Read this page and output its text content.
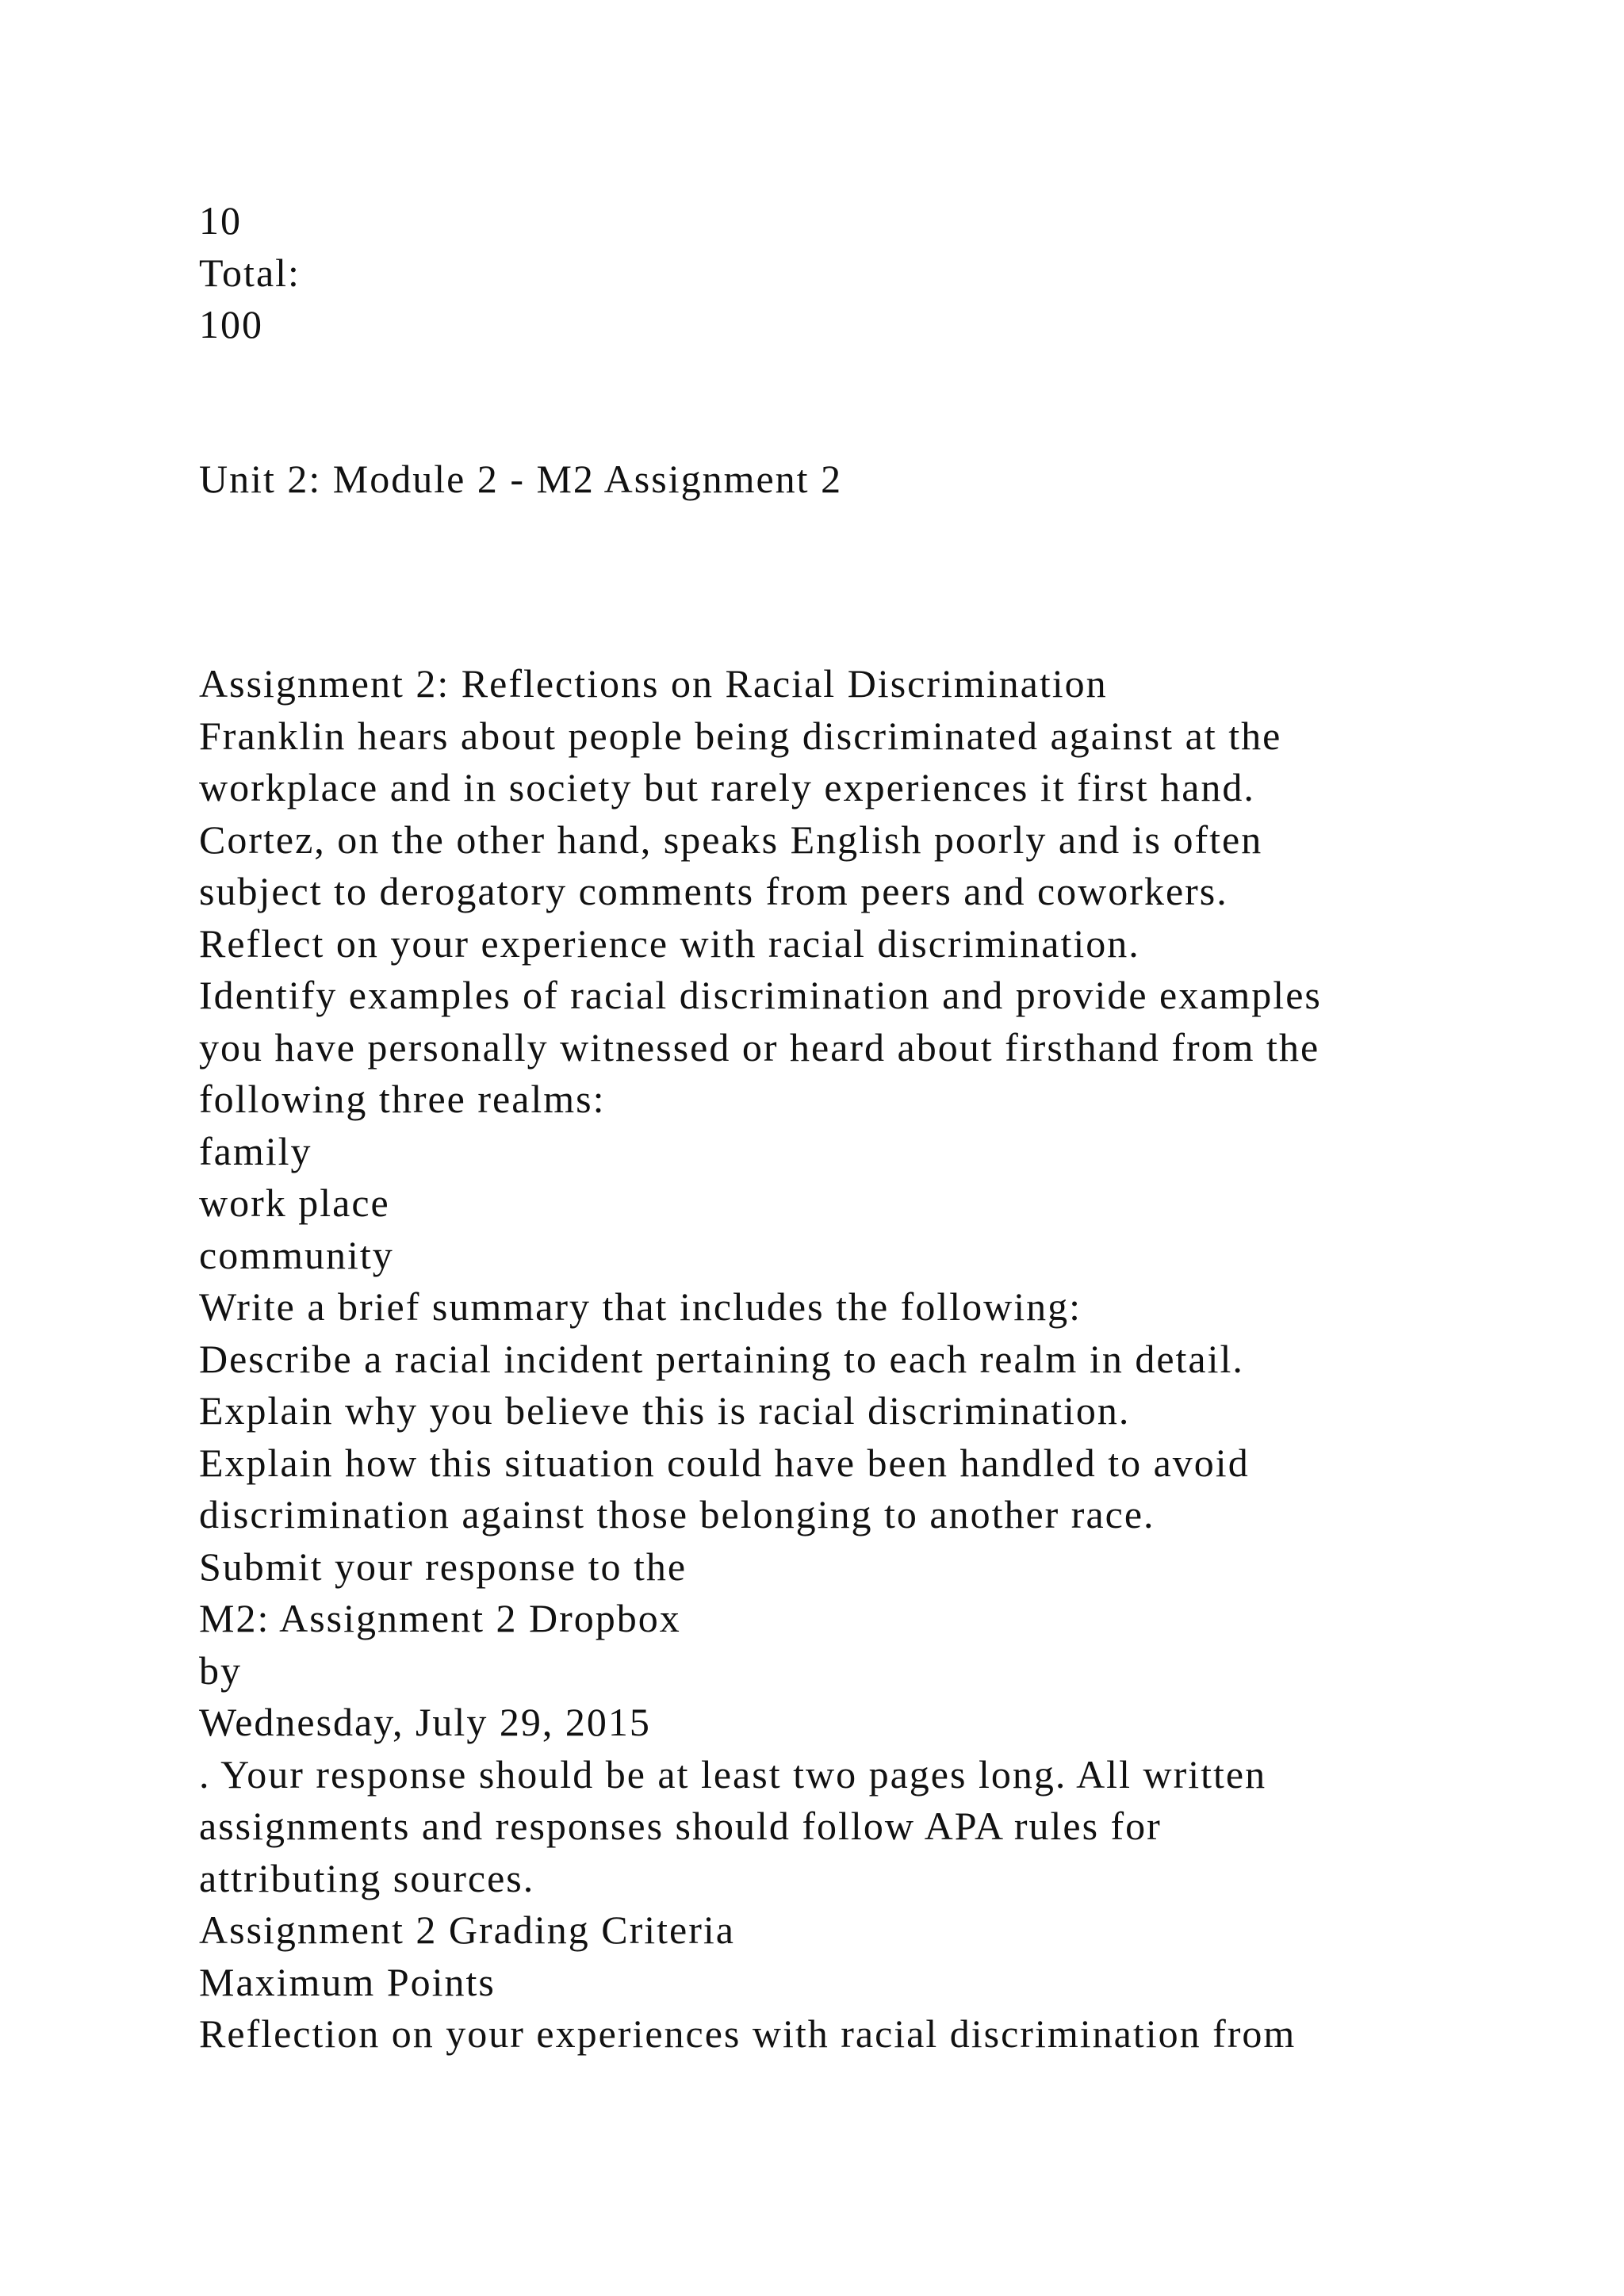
10
Total:
100
Unit 2: Module 2 - M2 Assignment 2
Assignment 2: Reflections on Racial Discrimination
Franklin hears about people being discriminated against at the
workplace and in society but rarely experiences it first hand.
Cortez, on the other hand, speaks English poorly and is often
subject to derogatory comments from peers and coworkers.
Reflect on your experience with racial discrimination.
Identify examples of racial discrimination and provide examples
you have personally witnessed or heard about firsthand from the
following three realms:
family
work place
community
Write a brief summary that includes the following:
Describe a racial incident pertaining to each realm in detail.
Explain why you believe this is racial discrimination.
Explain how this situation could have been handled to avoid
discrimination against those belonging to another race.
Submit your response to the
M2: Assignment 2 Dropbox
by
Wednesday, July 29, 2015
. Your response should be at least two pages long. All written
assignments and responses should follow APA rules for
attributing sources.
Assignment 2 Grading Criteria
Maximum Points
Reflection on your experiences with racial discrimination from
